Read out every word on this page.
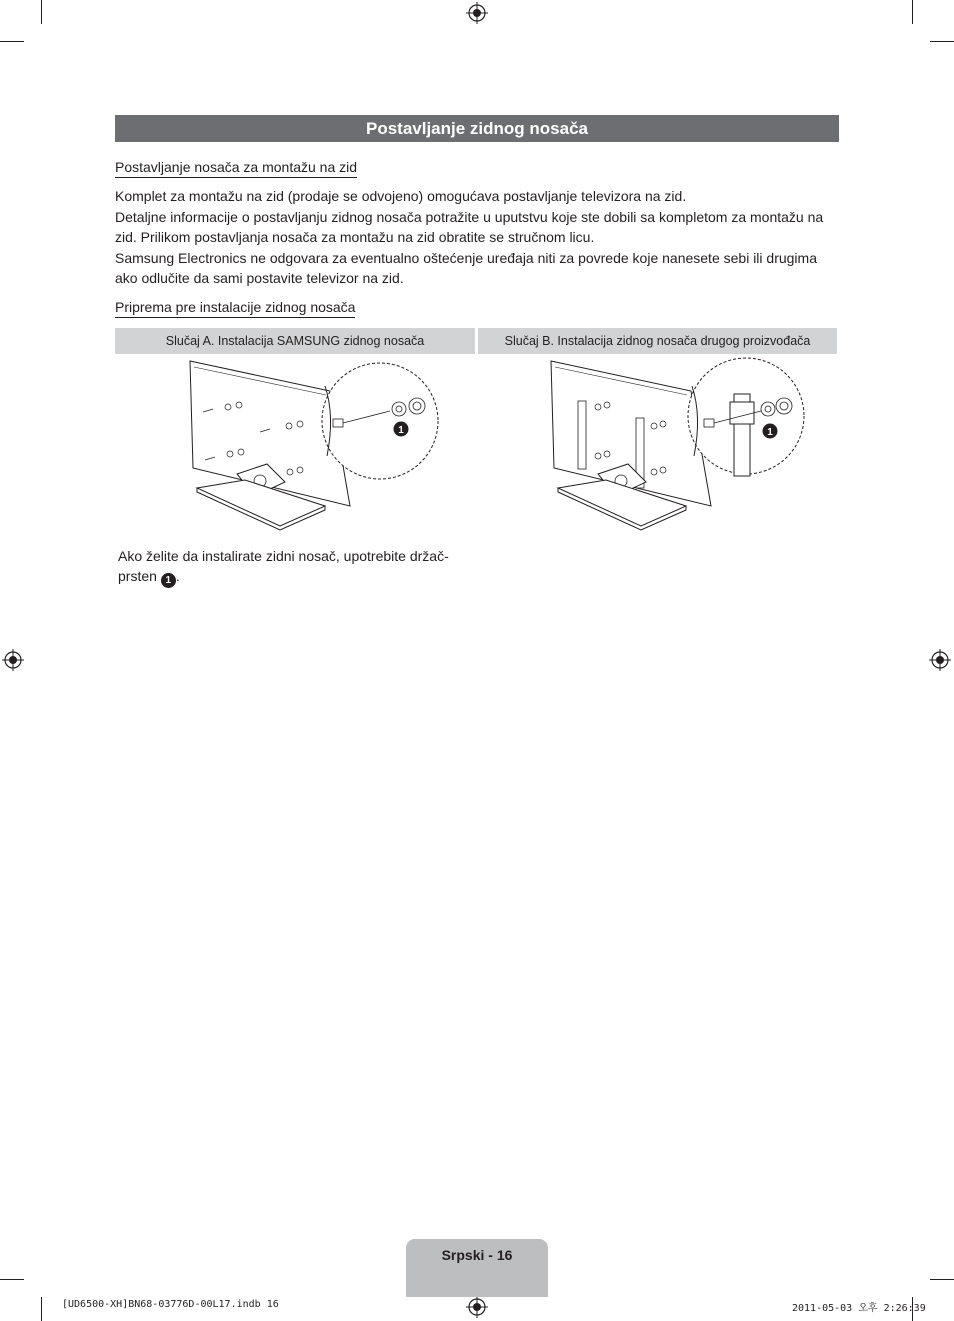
Postavljanje zidnog nosača
Postavljanje nosača za montažu na zid
Komplet za montažu na zid (prodaje se odvojeno) omogućava postavljanje televizora na zid.
Detaljne informacije o postavljanju zidnog nosača potražite u uputstvu koje ste dobili sa kompletom za montažu na zid. Prilikom postavljanja nosača za montažu na zid obratite se stručnom licu.
Samsung Electronics ne odgovara za eventualno oštećenje uređaja niti za povrede koje nanesete sebi ili drugima ako odlučite da sami postavite televizor na zid.
Priprema pre instalacije zidnog nosača
Slučaj A. Instalacija SAMSUNG zidnog nosača	Slučaj B. Instalacija zidnog nosača drugog proizvođača
1	1
Ako želite da instalirate zidni nosač, upotrebite držač-prsten 1 .
Srpski - 16
[UD6500-XH]BN68-03776D-00L17.indb 16	2011-05-03 오후 2:26:39
